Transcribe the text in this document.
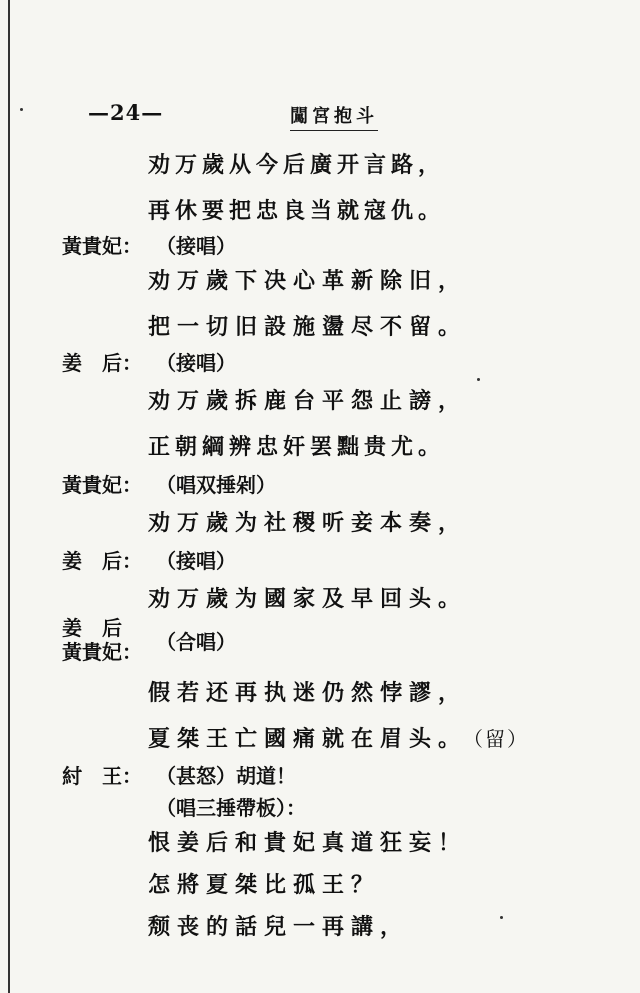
—24—	闖宮抱斗
劝万歲从今后廣开言路，
再休要把忠良当就寇仇。
黃貴妃： （接唱）
劝万歲下决心革新除旧，
把一切旧設施盪尽不留。
姜　后： （接唱）
劝万歲拆鹿台平怨止謗，
正朝綱辨忠奸罢黜贵尤。
黃貴妃： （唱双捶剁）
劝万歲为社稷听妾本奏，
姜　后： （接唱）
劝万歲为國家及早回头。
姜　后
黃貴妃： （合唱）
假若还再执迷仍然悖謬，
夏桀王亡國痛就在眉头。 （留）
紂　王： （甚怒）胡道！
（唱三捶帶板）：
恨姜后和貴妃真道狂妄！
怎將夏桀比孤王？
颓丧的話兒一再講，
